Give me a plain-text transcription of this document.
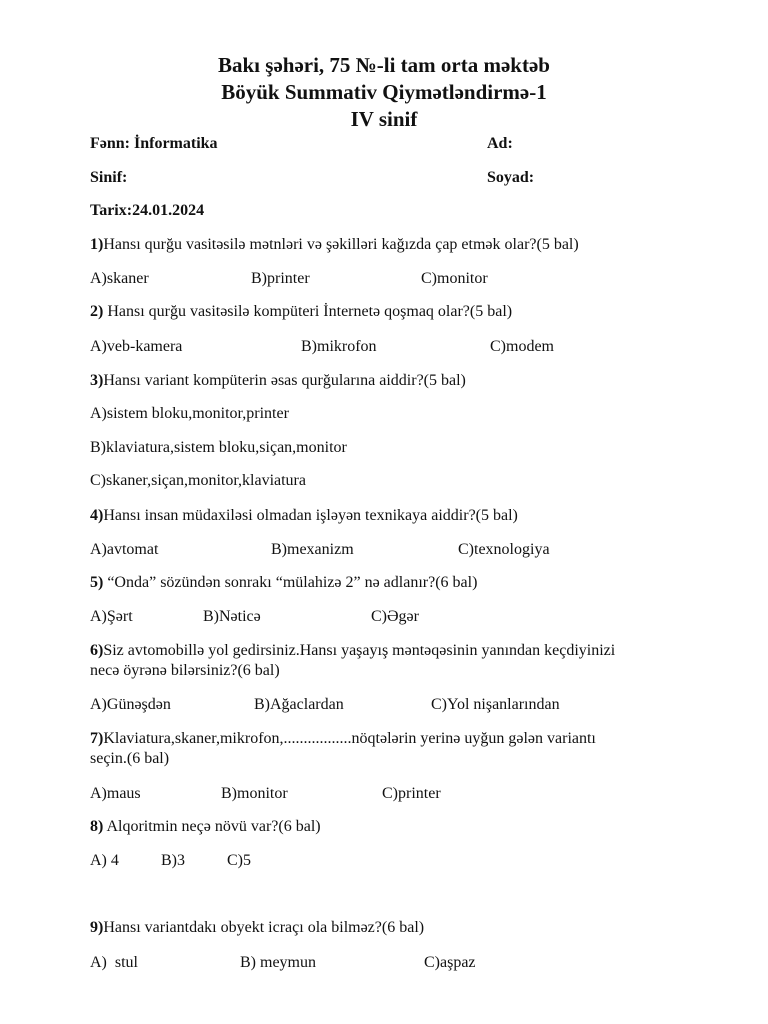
Bakı şəhəri, 75 №-li tam orta məktəb
Böyük Summativ Qiymətləndirmə-1
IV sinif
Fənn: İnformatika	Ad:
Sinif:	Soyad:
Tarix:24.01.2024
1)Hansı qurğu vasitəsilə mətnləri və şəkilləri kağızda çap etmək olar?(5 bal)
A)skaner	B)printer	C)monitor
2) Hansı qurğu vasitəsilə kompüteri İnternetə qoşmaq olar?(5 bal)
A)veb-kamera	B)mikrofon	C)modem
3)Hansı variant kompüterin əsas qurğularına aiddir?(5 bal)
A)sistem bloku,monitor,printer
B)klaviatura,sistem bloku,siçan,monitor
C)skaner,siçan,monitor,klaviatura
4)Hansı insan müdaxiləsi olmadan işləyən texnikaya aiddir?(5 bal)
A)avtomat	B)mexanizm	C)texnologiya
5) “Onda” sözündən sonrakı “mülahizə 2” nə adlanır?(6 bal)
A)Şərt	B)Nəticə	C)Əgər
6)Siz avtomobillə yol gedirsiniz.Hansı yaşayış məntəqəsinin yanından keçdiyinizi
necə öyrənə bilərsiniz?(6 bal)
A)Günəşdən	B)Ağaclardan	C)Yol nişanlarından
7)Klaviatura,skaner,mikrofon,.................nöqtələrin yerinə uyğun gələn variantı
seçin.(6 bal)
A)maus	B)monitor	C)printer
8) Alqoritmin neçə növü var?(6 bal)
A) 4	B)3	C)5
9)Hansı variantdakı obyekt icraçı ola bilməz?(6 bal)
A)  stul	B) meymun	C)aşpaz
